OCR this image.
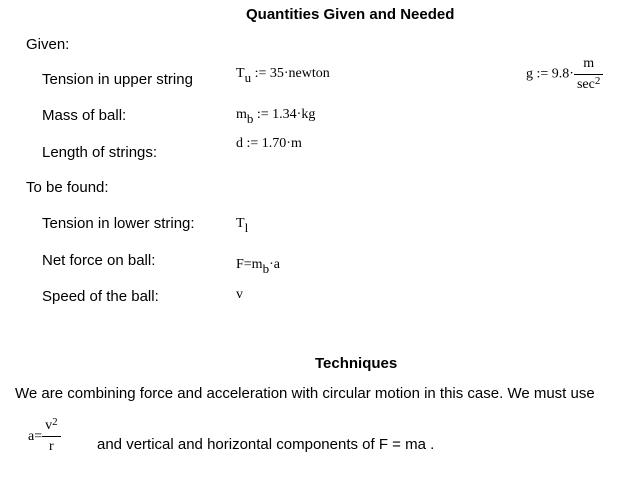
Quantities Given and Needed
Given:
Tension in upper string	Tu := 35·newton
Mass of ball:	mb := 1.34·kg
Length of strings:
d := 1.70·m
g := $9.8\cdot \frac{m}{\sec^2}$
To be found:
Tension in lower string:	Tl
Net force on ball:	F=mb·a
Speed of the ball:	v
Techniques
We are combining force and acceleration with circular motion in this case. We must use
$a= \frac{v^2}{r}$ and vertical and horizontal components of F = ma .
